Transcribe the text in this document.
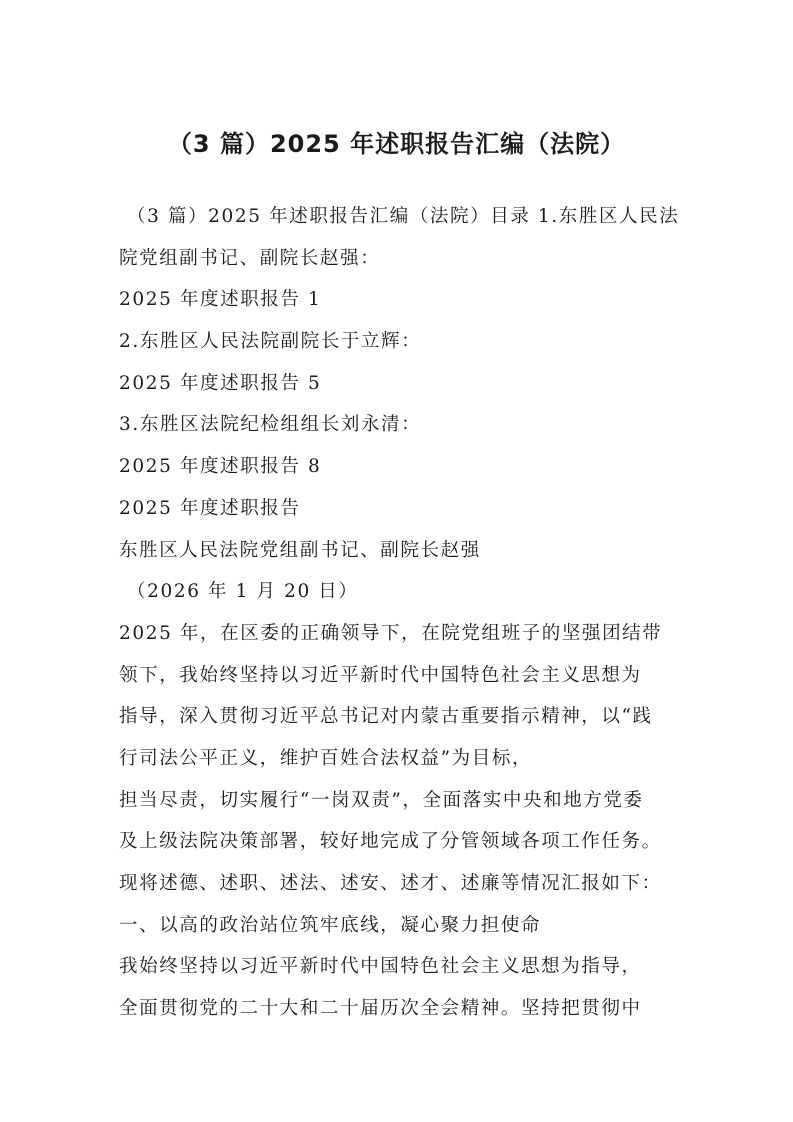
（3 篇）2025 年述职报告汇编（法院）
（3 篇）2025 年述职报告汇编（法院）目录 1.东胜区人民法
院党组副书记、副院长赵强：
2025 年度述职报告 1
2.东胜区人民法院副院长于立辉：
2025 年度述职报告 5
3.东胜区法院纪检组组长刘永清：
2025 年度述职报告 8
2025 年度述职报告
东胜区人民法院党组副书记、副院长赵强
（2026 年 1 月 20 日）
2025 年，在区委的正确领导下，在院党组班子的坚强团结带
领下，我始终坚持以习近平新时代中国特色社会主义思想为
指导，深入贯彻习近平总书记对内蒙古重要指示精神，以“践
行司法公平正义，维护百姓合法权益”为目标，
担当尽责，切实履行“一岗双责”，全面落实中央和地方党委
及上级法院决策部署，较好地完成了分管领域各项工作任务。
现将述德、述职、述法、述安、述才、述廉等情况汇报如下：
一、以高的政治站位筑牢底线，凝心聚力担使命
我始终坚持以习近平新时代中国特色社会主义思想为指导，
全面贯彻党的二十大和二十届历次全会精神。坚持把贯彻中
